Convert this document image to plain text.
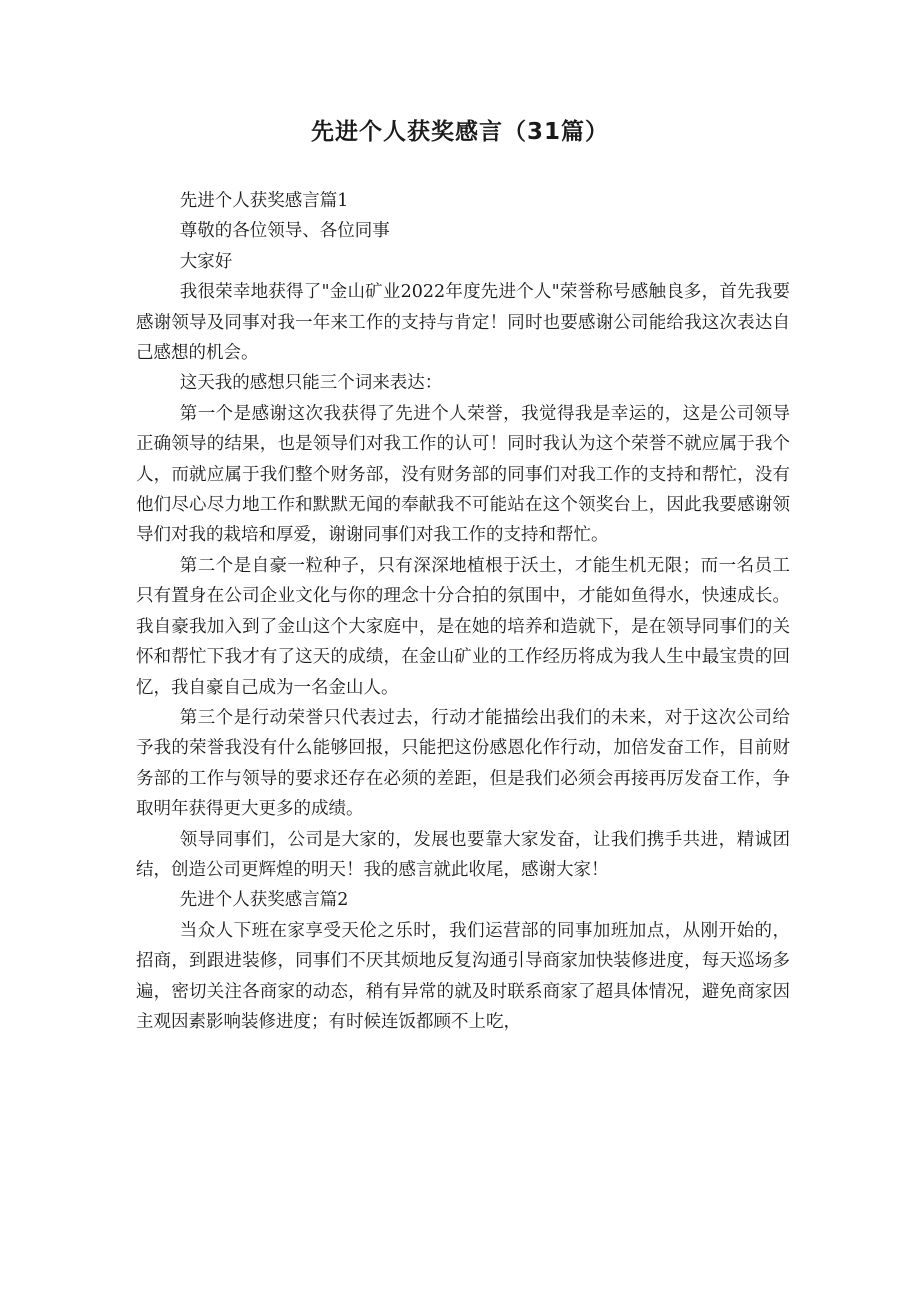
先进个人获奖感言（31篇）

先进个人获奖感言篇1

尊敬的各位领导、各位同事

大家好

我很荣幸地获得了"金山矿业2022年度先进个人"荣誉称号感触良多，首先我要感谢领导及同事对我一年来工作的支持与肯定！同时也要感谢公司能给我这次表达自己感想的机会。

这天我的感想只能三个词来表达：

第一个是感谢这次我获得了先进个人荣誉，我觉得我是幸运的，这是公司领导正确领导的结果，也是领导们对我工作的认可！同时我认为这个荣誉不就应属于我个人，而就应属于我们整个财务部，没有财务部的同事们对我工作的支持和帮忙，没有他们尽心尽力地工作和默默无闻的奉献我不可能站在这个领奖台上，因此我要感谢领导们对我的栽培和厚爱，谢谢同事们对我工作的支持和帮忙。

第二个是自豪一粒种子，只有深深地植根于沃土，才能生机无限；而一名员工只有置身在公司企业文化与你的理念十分合拍的氛围中，才能如鱼得水，快速成长。我自豪我加入到了金山这个大家庭中，是在她的培养和造就下，是在领导同事们的关怀和帮忙下我才有了这天的成绩，在金山矿业的工作经历将成为我人生中最宝贵的回忆，我自豪自己成为一名金山人。

第三个是行动荣誉只代表过去，行动才能描绘出我们的未来，对于这次公司给予我的荣誉我没有什么能够回报，只能把这份感恩化作行动，加倍发奋工作，目前财务部的工作与领导的要求还存在必须的差距，但是我们必须会再接再厉发奋工作，争取明年获得更大更多的成绩。

领导同事们，公司是大家的，发展也要靠大家发奋，让我们携手共进，精诚团结，创造公司更辉煌的明天！我的感言就此收尾，感谢大家！

先进个人获奖感言篇2

当众人下班在家享受天伦之乐时，我们运营部的同事加班加点，从刚开始的，招商，到跟进装修，同事们不厌其烦地反复沟通引导商家加快装修进度，每天巡场多遍，密切关注各商家的动态，稍有异常的就及时联系商家了超具体情况，避免商家因主观因素影响装修进度；有时候连饭都顾不上吃，
